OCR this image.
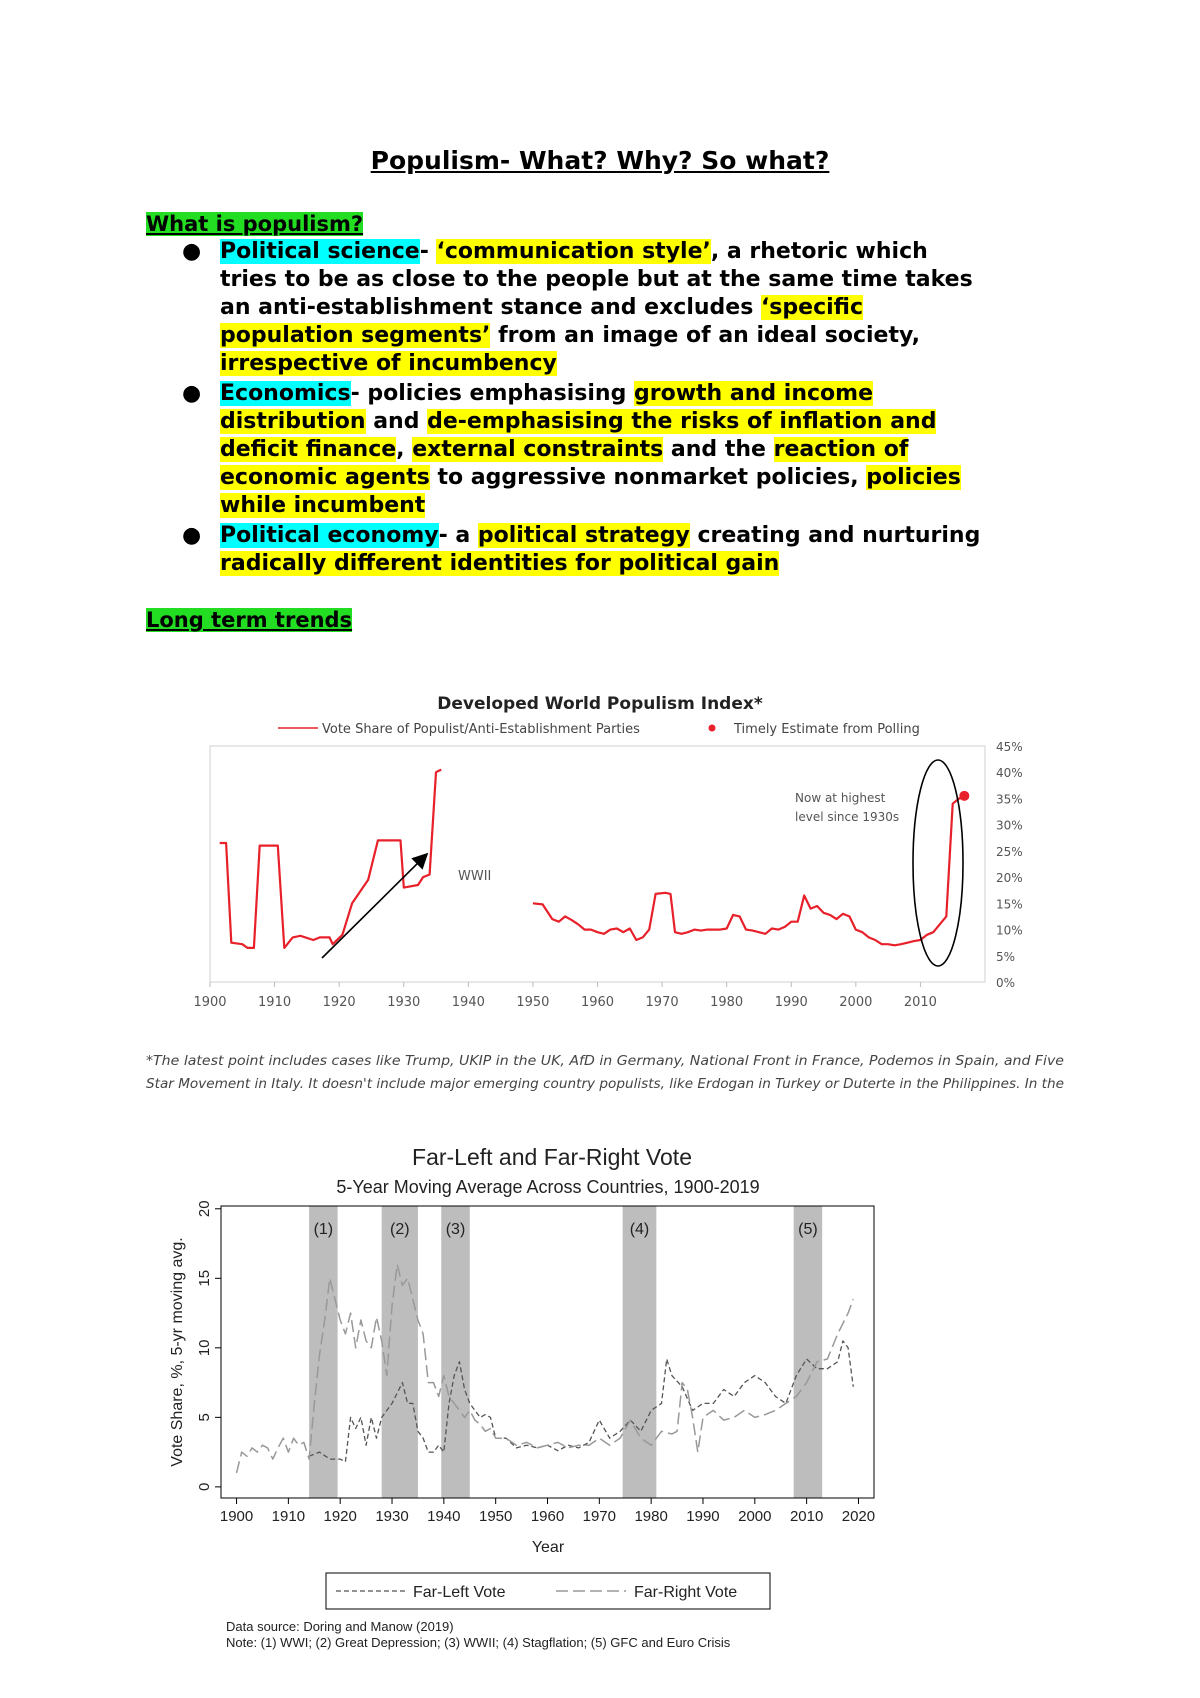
Populism- What? Why? So what?
What is populism?
● Political science- ‘communication style’, a rhetoric which
tries to be as close to the people but at the same time takes
an anti-establishment stance and excludes ‘specific
population segments’ from an image of an ideal society,
irrespective of incumbency
● Economics- policies emphasising growth and income
distribution and de-emphasising the risks of inflation and
deficit finance, external constraints and the reaction of
economic agents to aggressive nonmarket policies, policies
while incumbent
● Political economy- a political strategy creating and nurturing
radically different identities for political gain
Long term trends
Developed World Populism Index*
Vote Share of Populist/Anti-Establishment Parties	Timely Estimate from Polling
45%
40%
35%
30%
25%
20%
15%
10%
5%
0%
1900 1910 1920 1930 1940 1950 1960 1970 1980 1990 2000 2010
WWII
Now at highest
level since 1930s
*The latest point includes cases like Trump, UKIP in the UK, AfD in Germany, National Front in France, Podemos in Spain, and Five
Star Movement in Italy. It doesn't include major emerging country populists, like Erdogan in Turkey or Duterte in the Philippines. In the
Far-Left and Far-Right Vote
5-Year Moving Average Across Countries, 1900-2019
(1)	(2) (3)	(4)	(5)
0
5
10
15
20
1900 1910 1920 1930 1940 1950 1960 1970 1980 1990 2000 2010 2020
Vote Share, %, 5-yr moving avg.
Year
Far-Left Vote	Far-Right Vote
Data source: Doring and Manow (2019)
Note: (1) WWI; (2) Great Depression; (3) WWII; (4) Stagflation; (5) GFC and Euro Crisis
